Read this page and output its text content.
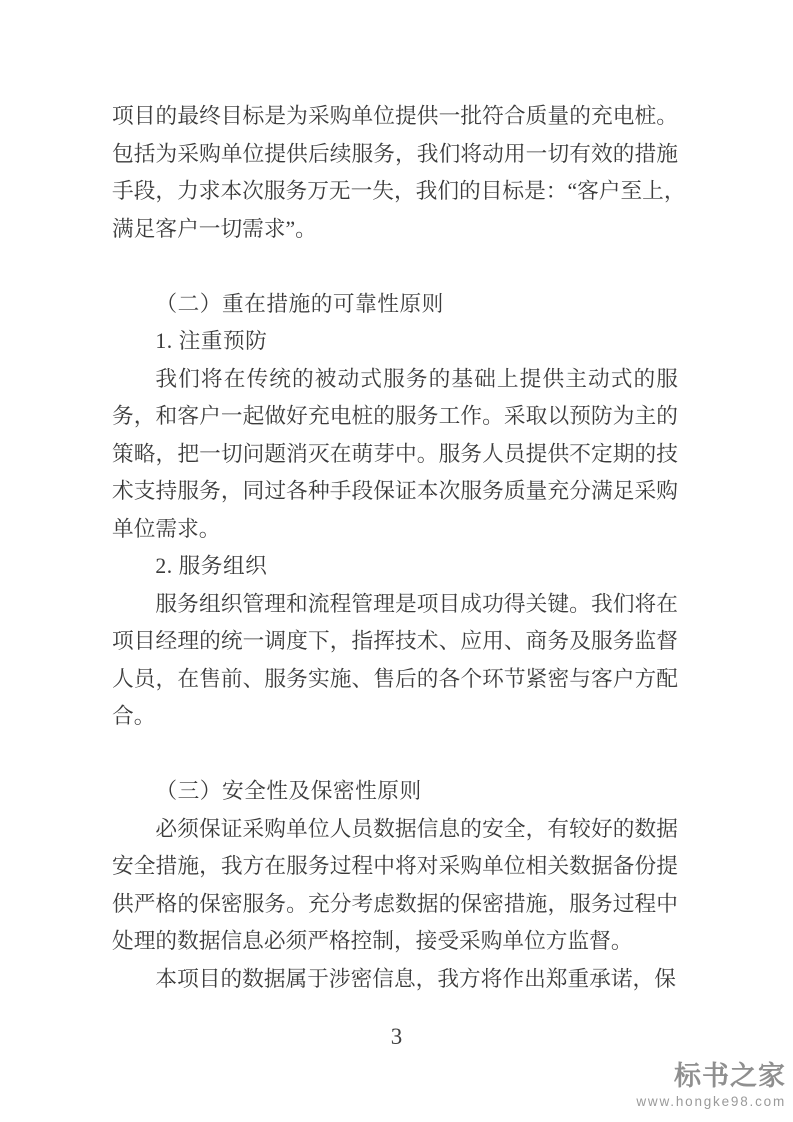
项目的最终目标是为采购单位提供一批符合质量的充电桩。
包括为采购单位提供后续服务，我们将动用一切有效的措施
手段，力求本次服务万无一失，我们的目标是：“客户至上，
满足客户一切需求”。
（二）重在措施的可靠性原则
1. 注重预防
我们将在传统的被动式服务的基础上提供主动式的服
务，和客户一起做好充电桩的服务工作。采取以预防为主的
策略，把一切问题消灭在萌芽中。服务人员提供不定期的技
术支持服务，同过各种手段保证本次服务质量充分满足采购
单位需求。
2. 服务组织
服务组织管理和流程管理是项目成功得关键。我们将在
项目经理的统一调度下，指挥技术、应用、商务及服务监督
人员，在售前、服务实施、售后的各个环节紧密与客户方配
合。
（三）安全性及保密性原则
必须保证采购单位人员数据信息的安全，有较好的数据
安全措施，我方在服务过程中将对采购单位相关数据备份提
供严格的保密服务。充分考虑数据的保密措施，服务过程中
处理的数据信息必须严格控制，接受采购单位方监督。
本项目的数据属于涉密信息，我方将作出郑重承诺，保
3
标书之家
www.hongke98.com
